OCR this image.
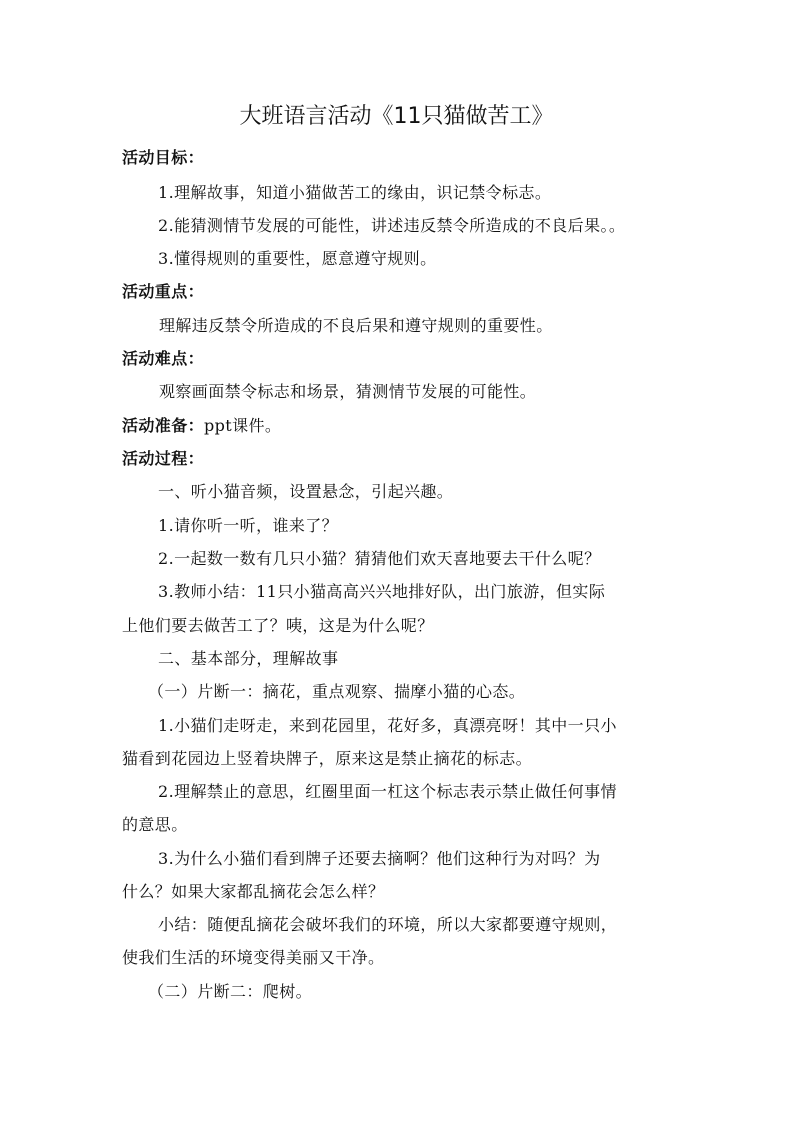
大班语言活动《11只猫做苦工》
活动目标：
1.理解故事，知道小猫做苦工的缘由，识记禁令标志。
2.能猜测情节发展的可能性，讲述违反禁令所造成的不良后果。。
3.懂得规则的重要性，愿意遵守规则。
活动重点：
理解违反禁令所造成的不良后果和遵守规则的重要性。
活动难点：
观察画面禁令标志和场景，猜测情节发展的可能性。
活动准备：ppt课件。
活动过程：
一、听小猫音频，设置悬念，引起兴趣。
1.请你听一听，谁来了？
2.一起数一数有几只小猫？猜猜他们欢天喜地要去干什么呢？
3.教师小结：11只小猫高高兴兴地排好队，出门旅游，但实际
上他们要去做苦工了？咦，这是为什么呢？
二、基本部分，理解故事
（一）片断一：摘花，重点观察、揣摩小猫的心态。
1.小猫们走呀走，来到花园里，花好多，真漂亮呀！其中一只小
猫看到花园边上竖着块牌子，原来这是禁止摘花的标志。
2.理解禁止的意思，红圈里面一杠这个标志表示禁止做任何事情
的意思。
3.为什么小猫们看到牌子还要去摘啊？他们这种行为对吗？为
什么？如果大家都乱摘花会怎么样？
小结：随便乱摘花会破坏我们的环境，所以大家都要遵守规则，
使我们生活的环境变得美丽又干净。
（二）片断二：爬树。
